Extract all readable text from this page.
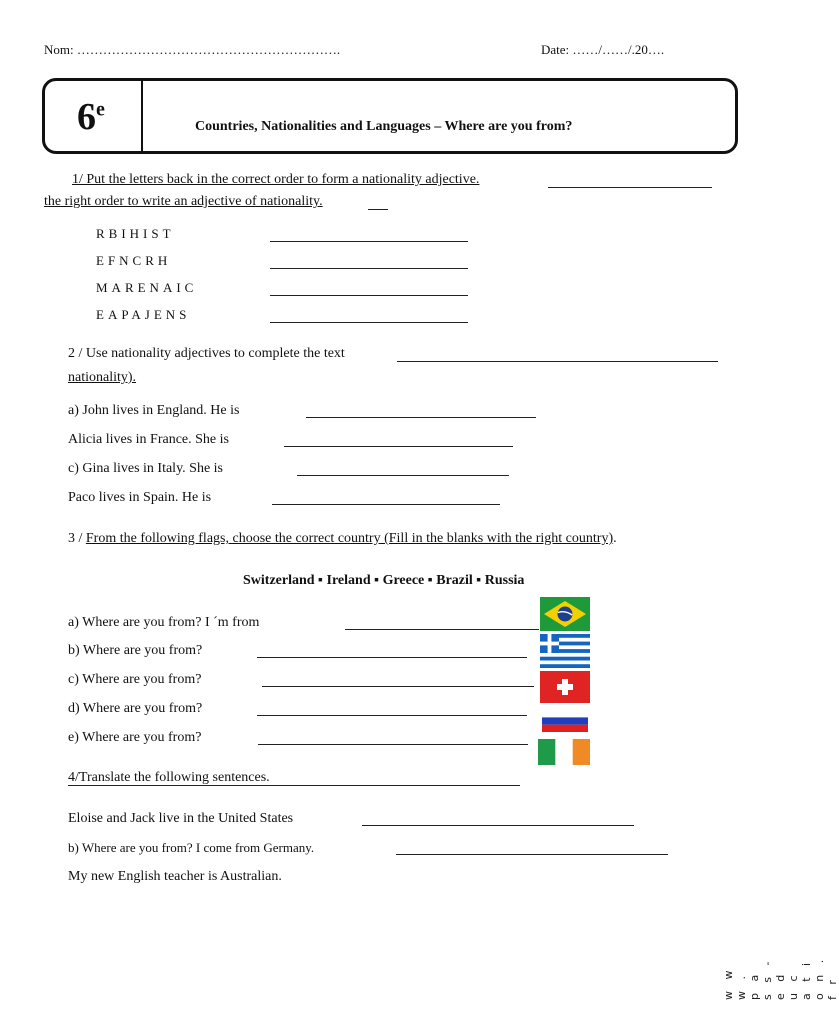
Nom: …………………………………………………….	Date: ……/……/.20….
6e
Countries, Nationalities and Languages – Where are you from?
1/ Put the letters back in the correct order to form a nationality adjective.
the right order to write an adjective of nationality.
RBIHIST
EFNCRH
MARENAIC
EAPAJENS
2 / Use nationality adjectives to complete the text
nationality).
a) John lives in England. He is
Alicia lives in France. She is
c) Gina lives in Italy. She is
Paco lives in Spain. He is
3 / From the following flags, choose the correct country (Fill in the blanks with the right country).
Switzerland ▪ Ireland ▪ Greece ▪ Brazil ▪ Russia
a) Where are you from? I ´m from
b) Where are you from?
c) Where are you from?
d) Where are you from?
e) Where are you from?
4/Translate the following sentences.
Eloise and Jack live in the United States
b) Where are you from? I come from Germany.
My new English teacher is Australian.
w w w . p a s s - e d u c a t i o n . f r
